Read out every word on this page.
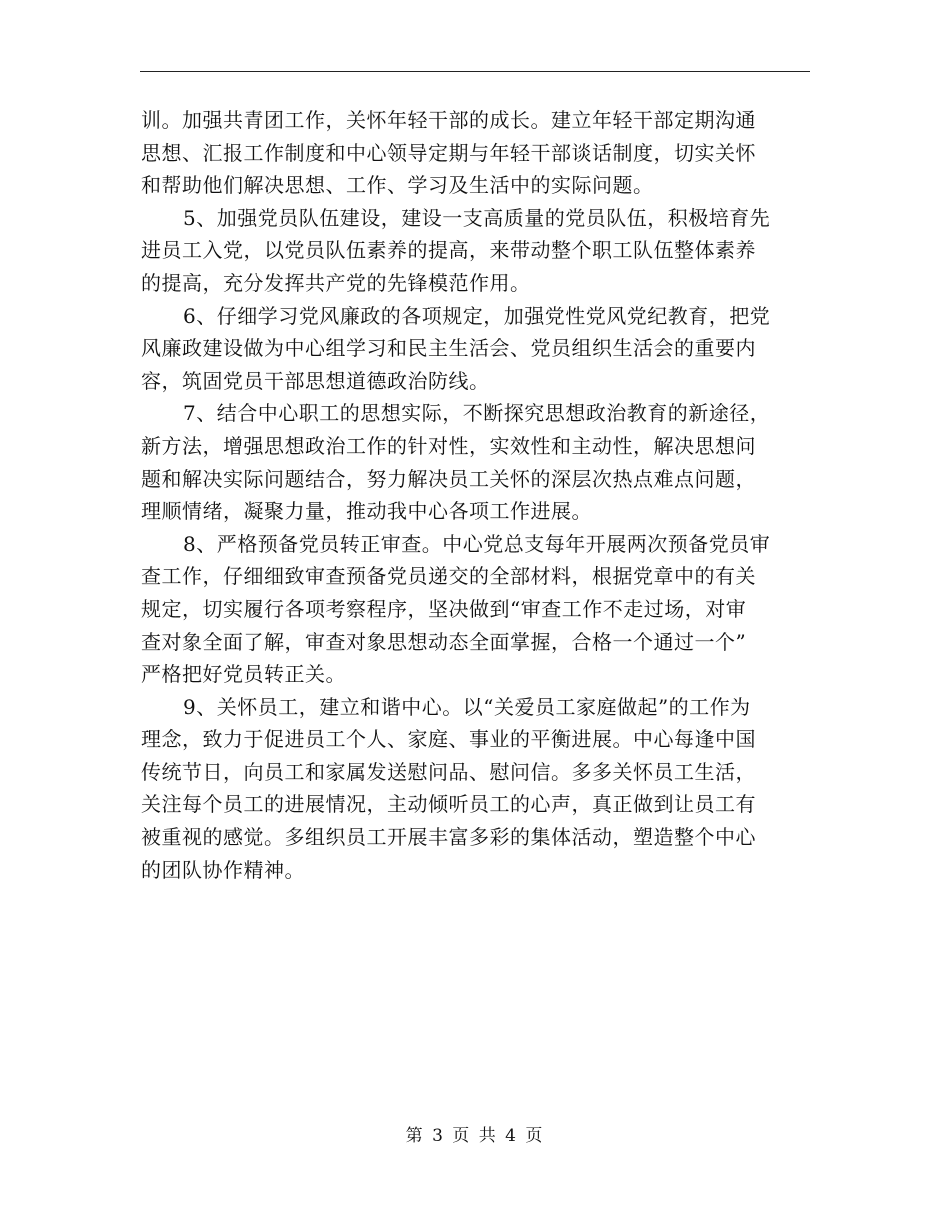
训。加强共青团工作，关怀年轻干部的成长。建立年轻干部定期沟通
思想、汇报工作制度和中心领导定期与年轻干部谈话制度，切实关怀
和帮助他们解决思想、工作、学习及生活中的实际问题。

5、加强党员队伍建设，建设一支高质量的党员队伍，积极培育先
进员工入党，以党员队伍素养的提高，来带动整个职工队伍整体素养
的提高，充分发挥共产党的先锋模范作用。

6、仔细学习党风廉政的各项规定，加强党性党风党纪教育，把党
风廉政建设做为中心组学习和民主生活会、党员组织生活会的重要内
容，筑固党员干部思想道德政治防线。

7、结合中心职工的思想实际，不断探究思想政治教育的新途径，
新方法，增强思想政治工作的针对性，实效性和主动性，解决思想问
题和解决实际问题结合，努力解决员工关怀的深层次热点难点问题，
理顺情绪，凝聚力量，推动我中心各项工作进展。

8、严格预备党员转正审查。中心党总支每年开展两次预备党员审
查工作，仔细细致审查预备党员递交的全部材料，根据党章中的有关
规定，切实履行各项考察程序，坚决做到“审查工作不走过场，对审
查对象全面了解，审查对象思想动态全面掌握，合格一个通过一个”
严格把好党员转正关。

9、关怀员工，建立和谐中心。以“关爱员工家庭做起”的工作为
理念，致力于促进员工个人、家庭、事业的平衡进展。中心每逢中国
传统节日，向员工和家属发送慰问品、慰问信。多多关怀员工生活，
关注每个员工的进展情况，主动倾听员工的心声，真正做到让员工有
被重视的感觉。多组织员工开展丰富多彩的集体活动，塑造整个中心
的团队协作精神。

第 3 页 共 4 页
